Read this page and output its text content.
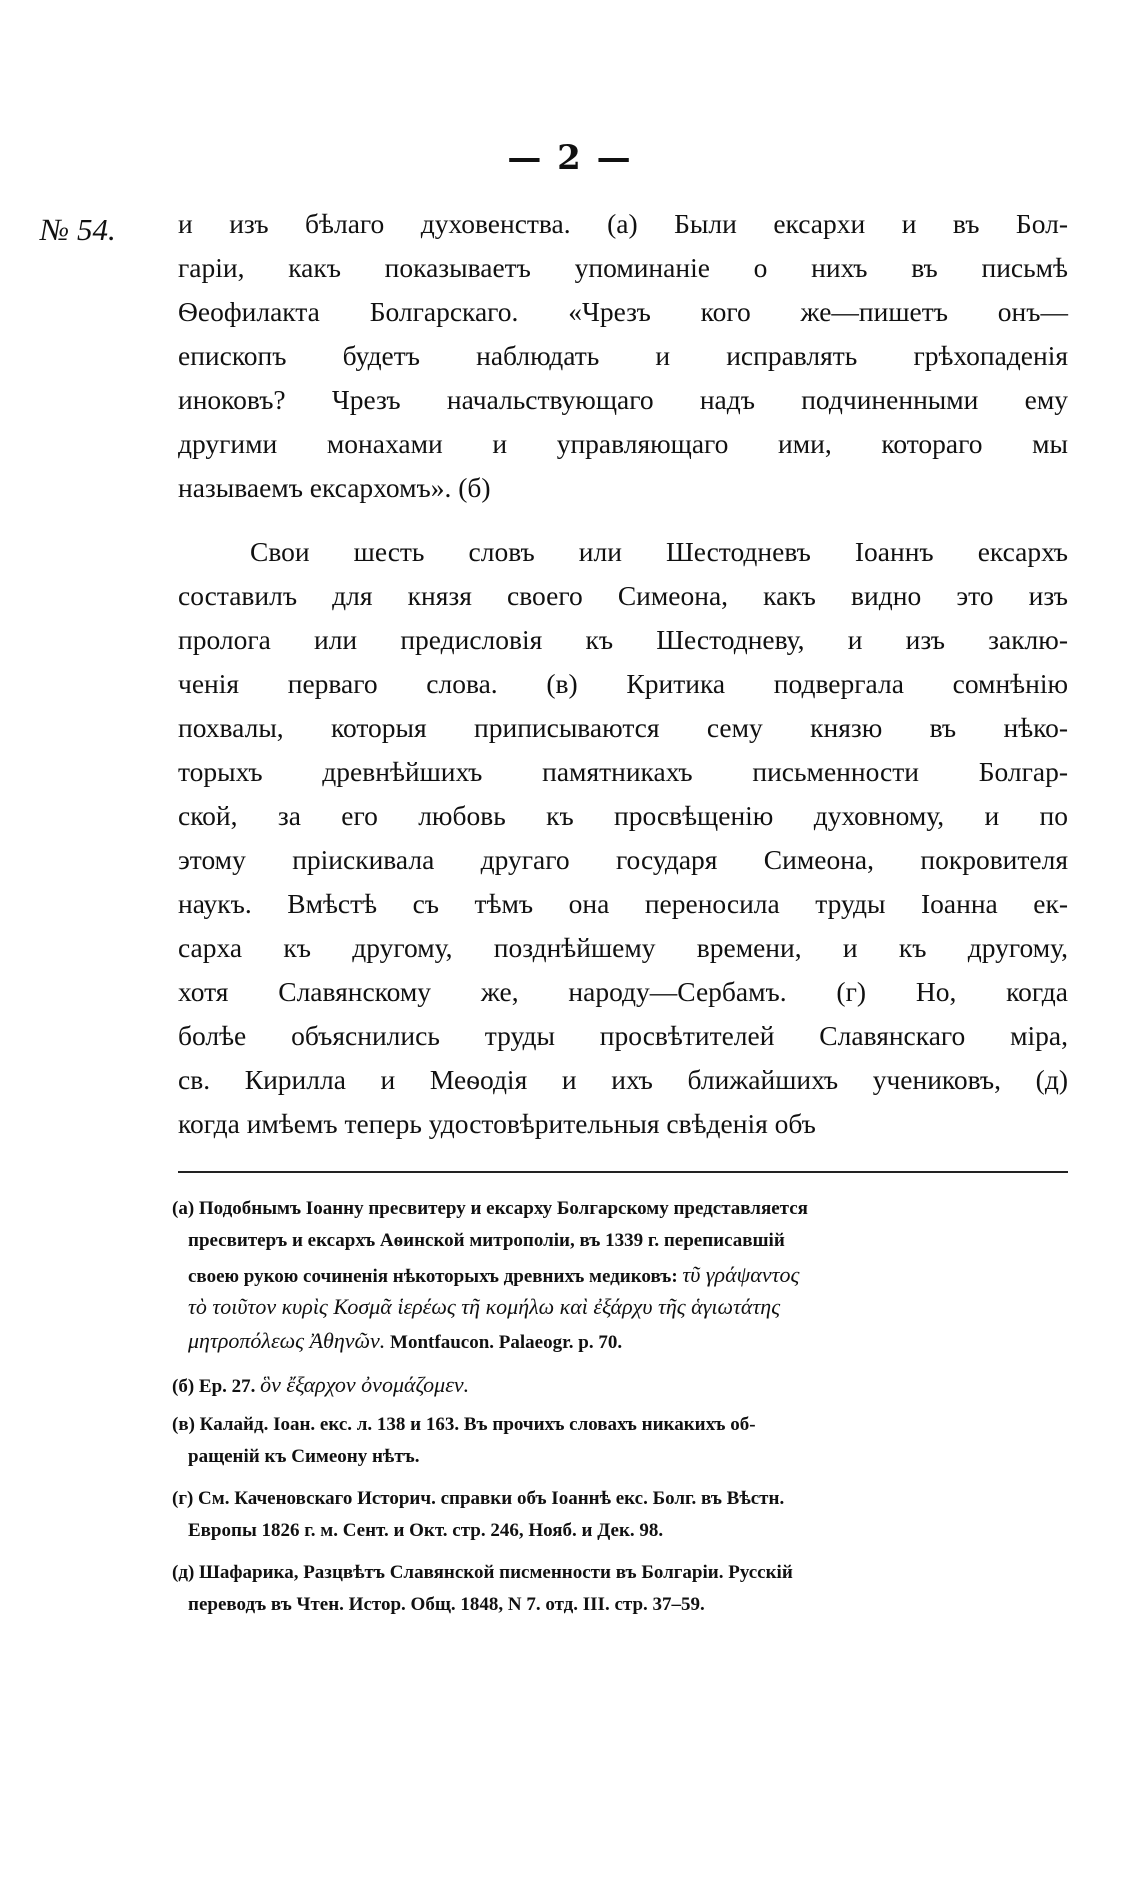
— 2 —
№ 54. и изъ бѣлаго духовенства. (а) Были ексархи и въ Бол-
гаріи, какъ показываетъ упоминаніе о нихъ въ письмѣ
Ѳеофилакта Болгарскаго. «Чрезъ кого же—пишетъ онъ—
епископъ будетъ наблюдать и исправлять грѣхопаденія
иноковъ? Чрезъ начальствующаго надъ подчиненными ему
другими монахами и управляющаго ими, котораго мы
называемъ ексархомъ». (б)
Свои шесть словъ или Шестодневъ Іоаннъ ексархъ
составилъ для князя своего Симеона, какъ видно это изъ
пролога или предисловія къ Шестодневу, и изъ заклю-
ченія перваго слова. (в) Критика подвергала сомнѣнію
похвалы, которыя приписываются сему князю въ нѣко-
торыхъ древнѣйшихъ памятникахъ письменности Болгар-
ской, за его любовь къ просвѣщенію духовному, и по
этому пріискивала другаго государя Симеона, покровителя
наукъ. Вмѣстѣ съ тѣмъ она переносила труды Іоанна ек-
сарха къ другому, позднѣйшему времени, и къ другому,
хотя Славянскому же, народу—Сербамъ. (г) Но, когда
болѣе объяснились труды просвѣтителей Славянскаго міра,
св. Кирилла и Меѳодія и ихъ ближайшихъ учениковъ, (д)
когда имѣемъ теперь удостовѣрительныя свѣденія объ
(а) Подобнымъ Іоанну пресвитеру и ексарху Болгарскому представляется
пресвитеръ и ексархъ Аѳинской митрополіи, въ 1339 г. переписавшій
своею рукою сочиненія нѣкоторыхъ древнихъ медиковъ: τῦ γράψαντος
τὸ τοιῦτον κυρὶς Κοσμᾶ ἱερέως τῆ κομήλω καὶ ἐξάρχυ τῆς ἁγιωτάτης
μητροπόλεως Ἀθηνῶν. Montfaucon. Palaeogr. p. 70.
(б) Ер. 27. ὃν ἔξαρχον ὀνομάζομεν.
(в) Калайд. Іоан. екс. л. 138 и 163. Въ прочихъ словахъ никакихъ об-
ращеній къ Симеону нѣтъ.
(г) См. Каченовскаго Историч. справки объ Іоаннѣ екс. Болг. въ Вѣстн.
Европы 1826 г. м. Сент. и Окт. стр. 246, Нояб. и Дек. 98.
(д) Шафарика, Разцвѣтъ Славянской писменности въ Болгаріи. Русскій
переводъ въ Чтен. Истор. Общ. 1848, N 7. отд. III. стр. 37–59.
